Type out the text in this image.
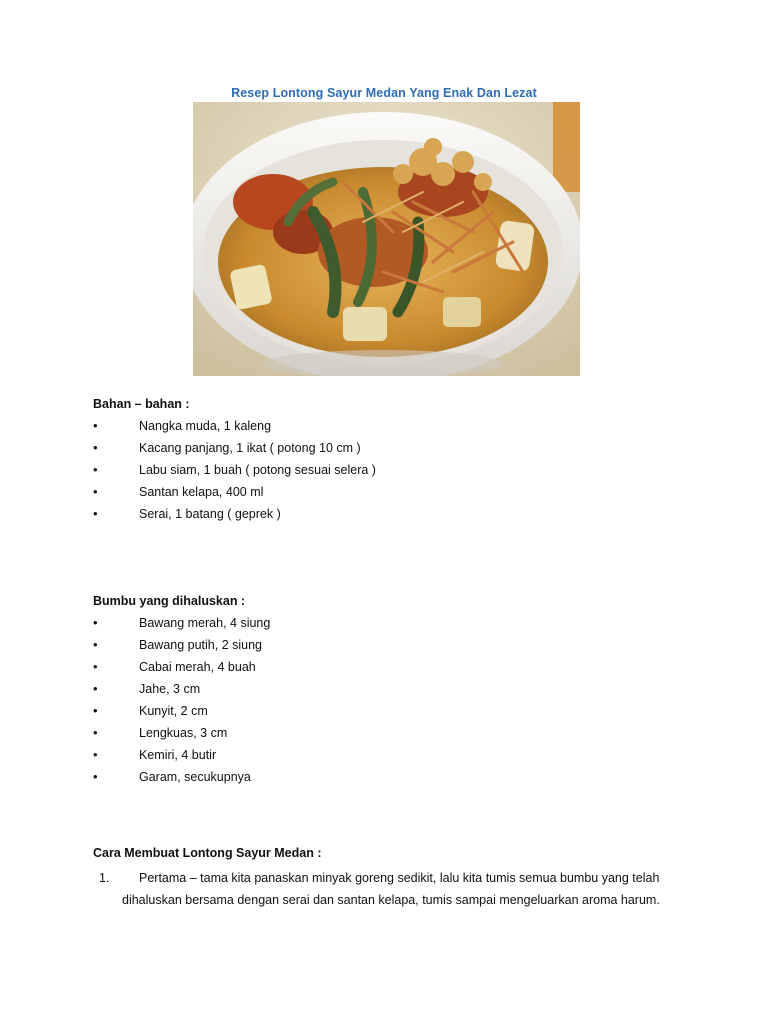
Resep Lontong Sayur Medan Yang Enak Dan Lezat
Bahan – bahan :
•	Nangka muda, 1 kaleng
•	Kacang panjang, 1 ikat ( potong 10 cm )
•	Labu siam, 1 buah ( potong sesuai selera )
•	Santan kelapa, 400 ml
•	Serai, 1 batang ( geprek )
Bumbu yang dihaluskan :
•	Bawang merah, 4 siung
•	Bawang putih, 2 siung
•	Cabai merah, 4 buah
•	Jahe, 3 cm
•	Kunyit, 2 cm
•	Lengkuas, 3 cm
•	Kemiri, 4 butir
•	Garam, secukupnya
Cara Membuat Lontong Sayur Medan :
1.	Pertama – tama kita panaskan minyak goreng sedikit, lalu kita tumis semua bumbu yang telah dihaluskan bersama dengan serai dan santan kelapa, tumis sampai mengeluarkan aroma harum.
